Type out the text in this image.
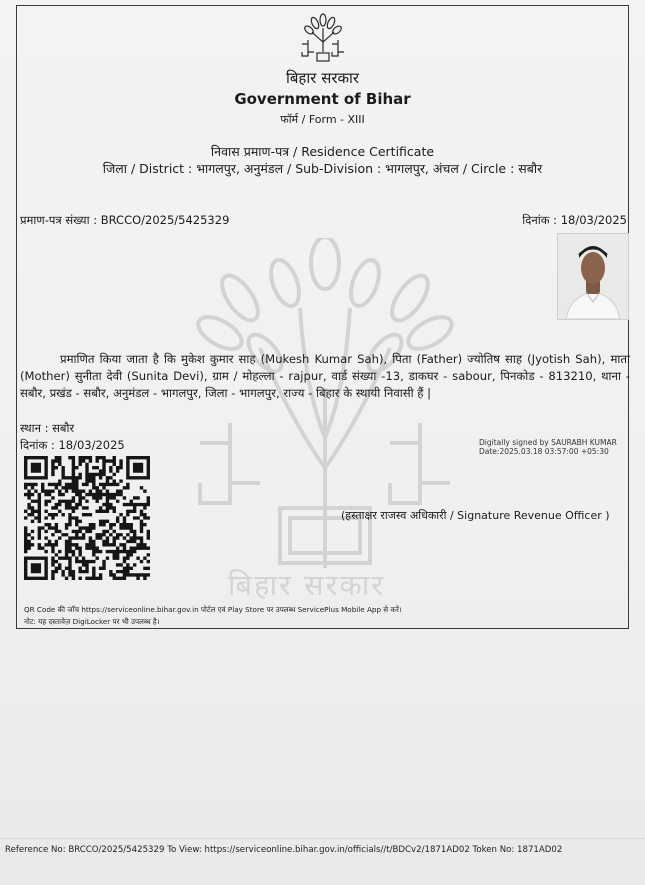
बिहार सरकार
बिहार सरकार
Government of Bihar
फॉर्म / Form - XIII
निवास प्रमाण-पत्र / Residence Certificate
जिला / District : भागलपुर, अनुमंडल / Sub-Division : भागलपुर, अंचल / Circle : सबौर
प्रमाण-पत्र संख्या : BRCCO/2025/5425329	दिनांक : 18/03/2025
प्रमाणित किया जाता है कि मुकेश कुमार साह (Mukesh Kumar Sah), पिता (Father) ज्योतिष साह (Jyotish Sah), माता (Mother) सुनीता देवी (Sunita Devi), ग्राम / मोहल्ला - rajpur, वार्ड संख्या -13, डाकघर - sabour, पिनकोड - 813210, थाना - सबौर, प्रखंड - सबौर, अनुमंडल - भागलपुर, जिला - भागलपुर, राज्य - बिहार के स्थायी निवासी हैं |
स्थान : सबौर
दिनांक : 18/03/2025	Digitally signed by SAURABH KUMAR
Date:2025.03.18 03:57:00 +05:30
(हस्ताक्षर राजस्व अधिकारी / Signature Revenue Officer )
QR Code की जाँच https://serviceonline.bihar.gov.in पोर्टल एवं Play Store पर उपलब्ध ServicePlus Mobile App से करें।
नोट: यह दस्तावेज़ DigiLocker पर भी उपलब्ध है।
Reference No: BRCCO/2025/5425329 To View: https://serviceonline.bihar.gov.in/officials//t/BDCv2/1871AD02 Token No: 1871AD02
